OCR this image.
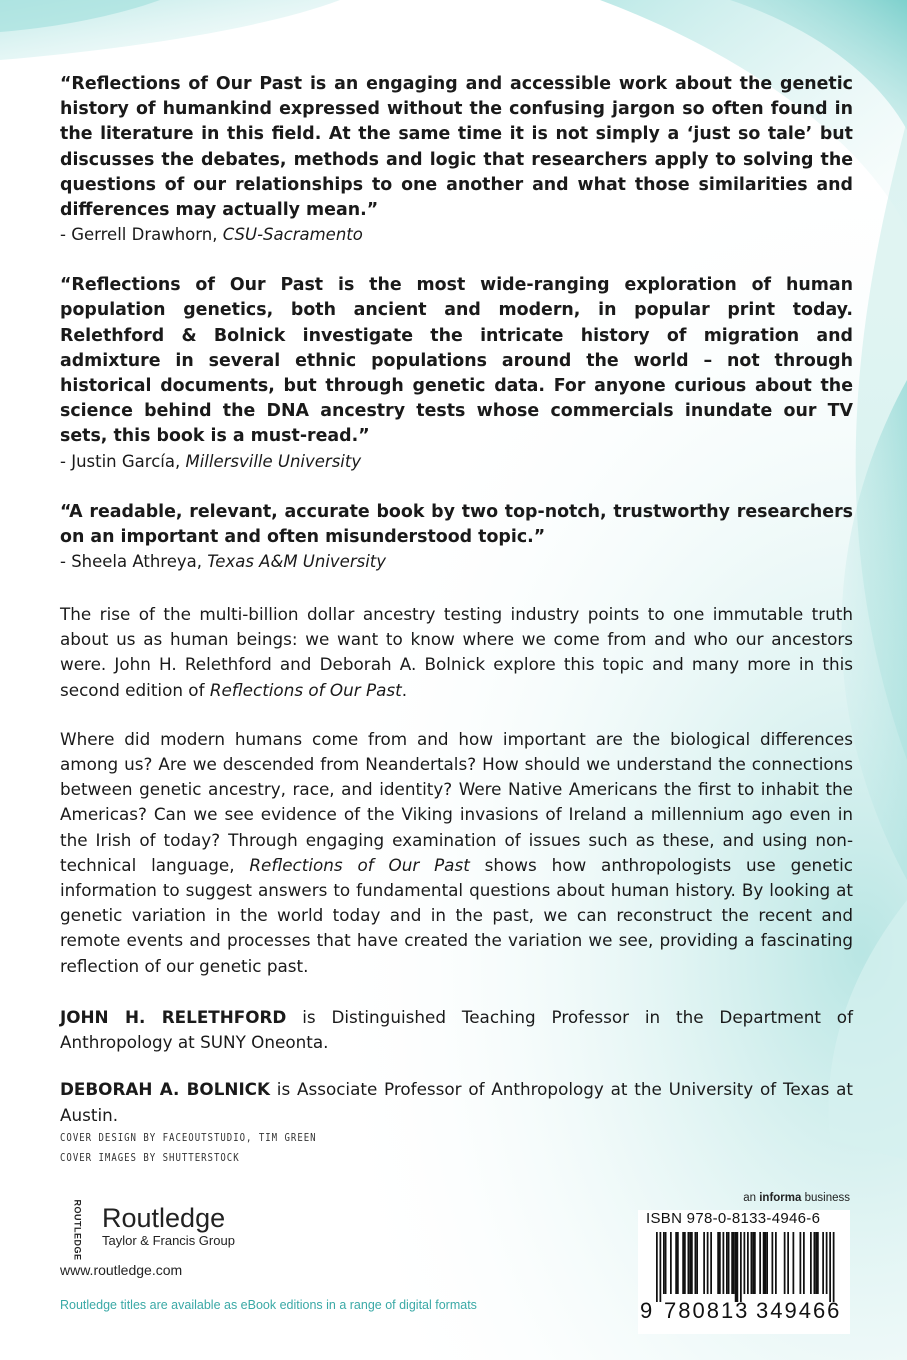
“Reflections of Our Past is an engaging and accessible work about the genetic history of humankind expressed without the confusing jargon so often found in the literature in this field. At the same time it is not simply a ‘just so tale’ but discusses the debates, methods and logic that researchers apply to solving the questions of our relationships to one another and what those similarities and differences may actually mean.”

- Gerrell Drawhorn, CSU-Sacramento

“Reflections of Our Past is the most wide-ranging exploration of human population genetics, both ancient and modern, in popular print today. Relethford & Bolnick investigate the intricate history of migration and admixture in several ethnic populations around the world – not through historical documents, but through genetic data. For anyone curious about the science behind the DNA ancestry tests whose commercials inundate our TV sets, this book is a must-read.”

- Justin García, Millersville University

“A readable, relevant, accurate book by two top-notch, trustworthy researchers on an important and often misunderstood topic.”

- Sheela Athreya, Texas A&M University

The rise of the multi-billion dollar ancestry testing industry points to one immutable truth about us as human beings: we want to know where we come from and who our ancestors were. John H. Relethford and Deborah A. Bolnick explore this topic and many more in this second edition of Reflections of Our Past.

Where did modern humans come from and how important are the biological differences among us? Are we descended from Neandertals? How should we understand the connections between genetic ancestry, race, and identity? Were Native Americans the first to inhabit the Americas? Can we see evidence of the Viking invasions of Ireland a millennium ago even in the Irish of today? Through engaging examination of issues such as these, and using non-technical language, Reflections of Our Past shows how anthropologists use genetic information to suggest answers to fundamental questions about human history. By looking at genetic variation in the world today and in the past, we can reconstruct the recent and remote events and processes that have created the variation we see, providing a fascinating reflection of our genetic past.

JOHN H. RELETHFORD is Distinguished Teaching Professor in the Department of Anthropology at SUNY Oneonta.

DEBORAH A. BOLNICK is Associate Professor of Anthropology at the University of Texas at Austin.

COVER DESIGN BY FACEOUTSTUDIO, TIM GREEN
COVER IMAGES BY SHUTTERSTOCK
ROUTLEDGE Routledge
Taylor & Francis Group
www.routledge.com
Routledge titles are available as eBook editions in a range of digital formats
an informa business
ISBN 978-0-8133-4946-6
9 780813 349466
